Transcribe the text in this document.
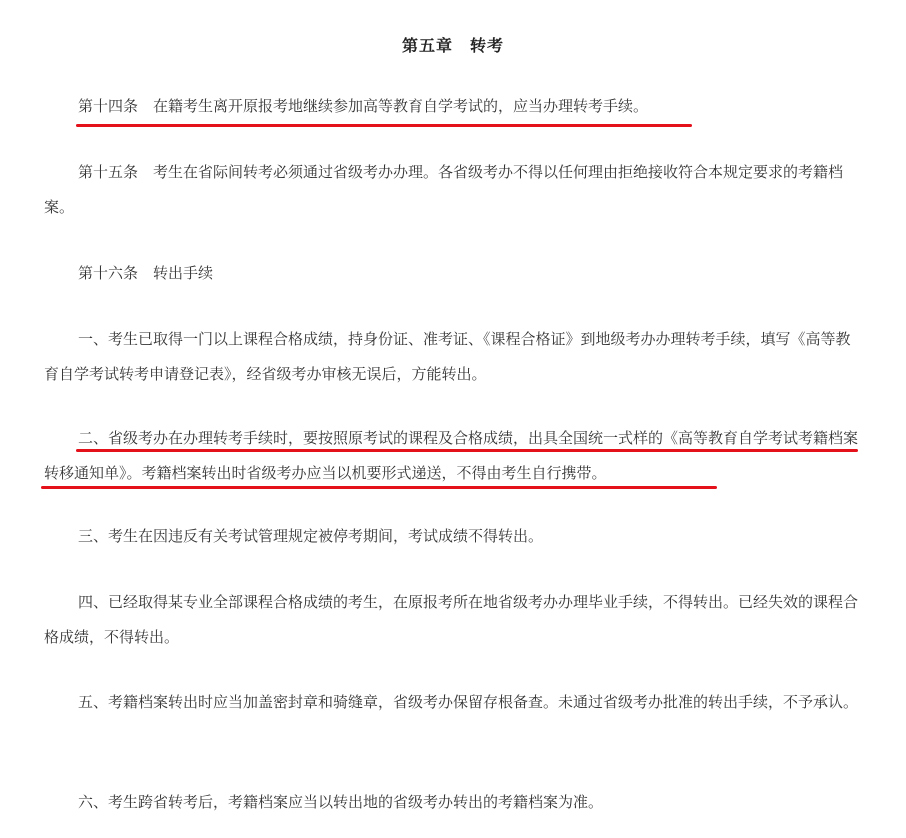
第五章　转考

第十四条　在籍考生离开原报考地继续参加高等教育自学考试的，应当办理转考手续。

第十五条　考生在省际间转考必须通过省级考办办理。各省级考办不得以任何理由拒绝接收符合本规定要求的考籍档案。

第十六条　转出手续

一、考生已取得一门以上课程合格成绩，持身份证、准考证、《课程合格证》到地级考办办理转考手续，填写《高等教育自学考试转考申请登记表》，经省级考办审核无误后，方能转出。

二、省级考办在办理转考手续时，要按照原考试的课程及合格成绩，出具全国统一式样的《高等教育自学考试考籍档案转移通知单》。考籍档案转出时省级考办应当以机要形式递送，不得由考生自行携带。

三、考生在因违反有关考试管理规定被停考期间，考试成绩不得转出。

四、已经取得某专业全部课程合格成绩的考生，在原报考所在地省级考办办理毕业手续，不得转出。已经失效的课程合格成绩，不得转出。

五、考籍档案转出时应当加盖密封章和骑缝章，省级考办保留存根备查。未通过省级考办批准的转出手续，不予承认。

六、考生跨省转考后，考籍档案应当以转出地的省级考办转出的考籍档案为准。
